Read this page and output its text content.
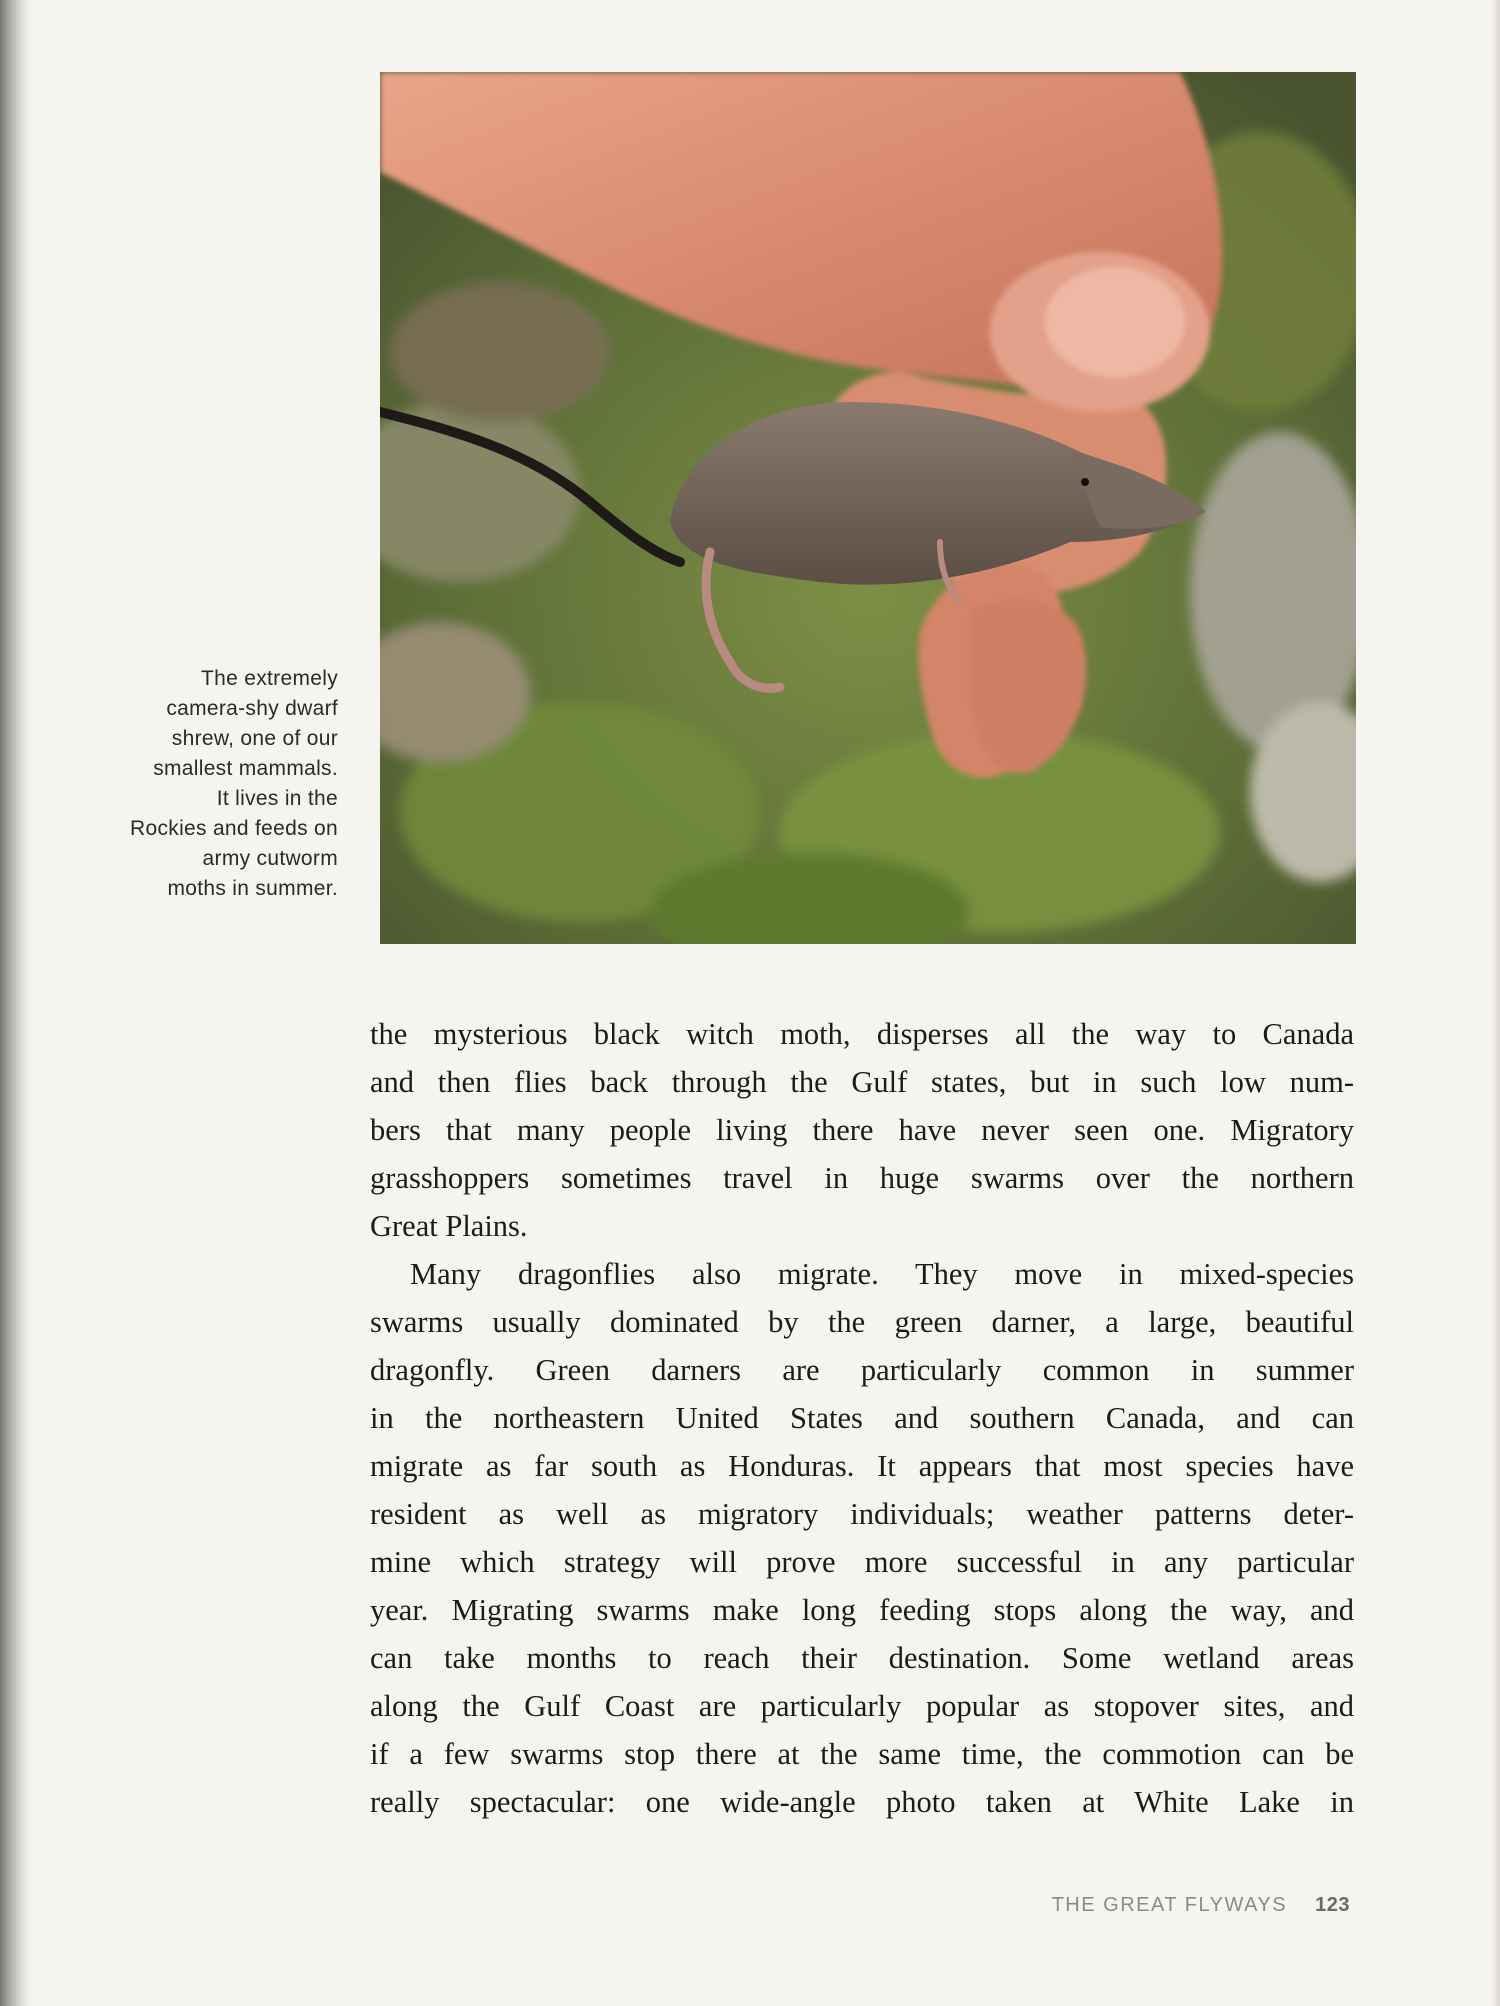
The extremely
camera-shy dwarf
shrew, one of our
smallest mammals.
It lives in the
Rockies and feeds on
army cutworm
moths in summer.
the mysterious black witch moth, disperses all the way to Canada
and then flies back through the Gulf states, but in such low num-
bers that many people living there have never seen one. Migratory
grasshoppers sometimes travel in huge swarms over the northern
Great Plains.
Many dragonflies also migrate. They move in mixed-species
swarms usually dominated by the green darner, a large, beautiful
dragonfly. Green darners are particularly common in summer
in the northeastern United States and southern Canada, and can
migrate as far south as Honduras. It appears that most species have
resident as well as migratory individuals; weather patterns deter-
mine which strategy will prove more successful in any particular
year. Migrating swarms make long feeding stops along the way, and
can take months to reach their destination. Some wetland areas
along the Gulf Coast are particularly popular as stopover sites, and
if a few swarms stop there at the same time, the commotion can be
really spectacular: one wide-angle photo taken at White Lake in
THE GREAT FLYWAYS 123
